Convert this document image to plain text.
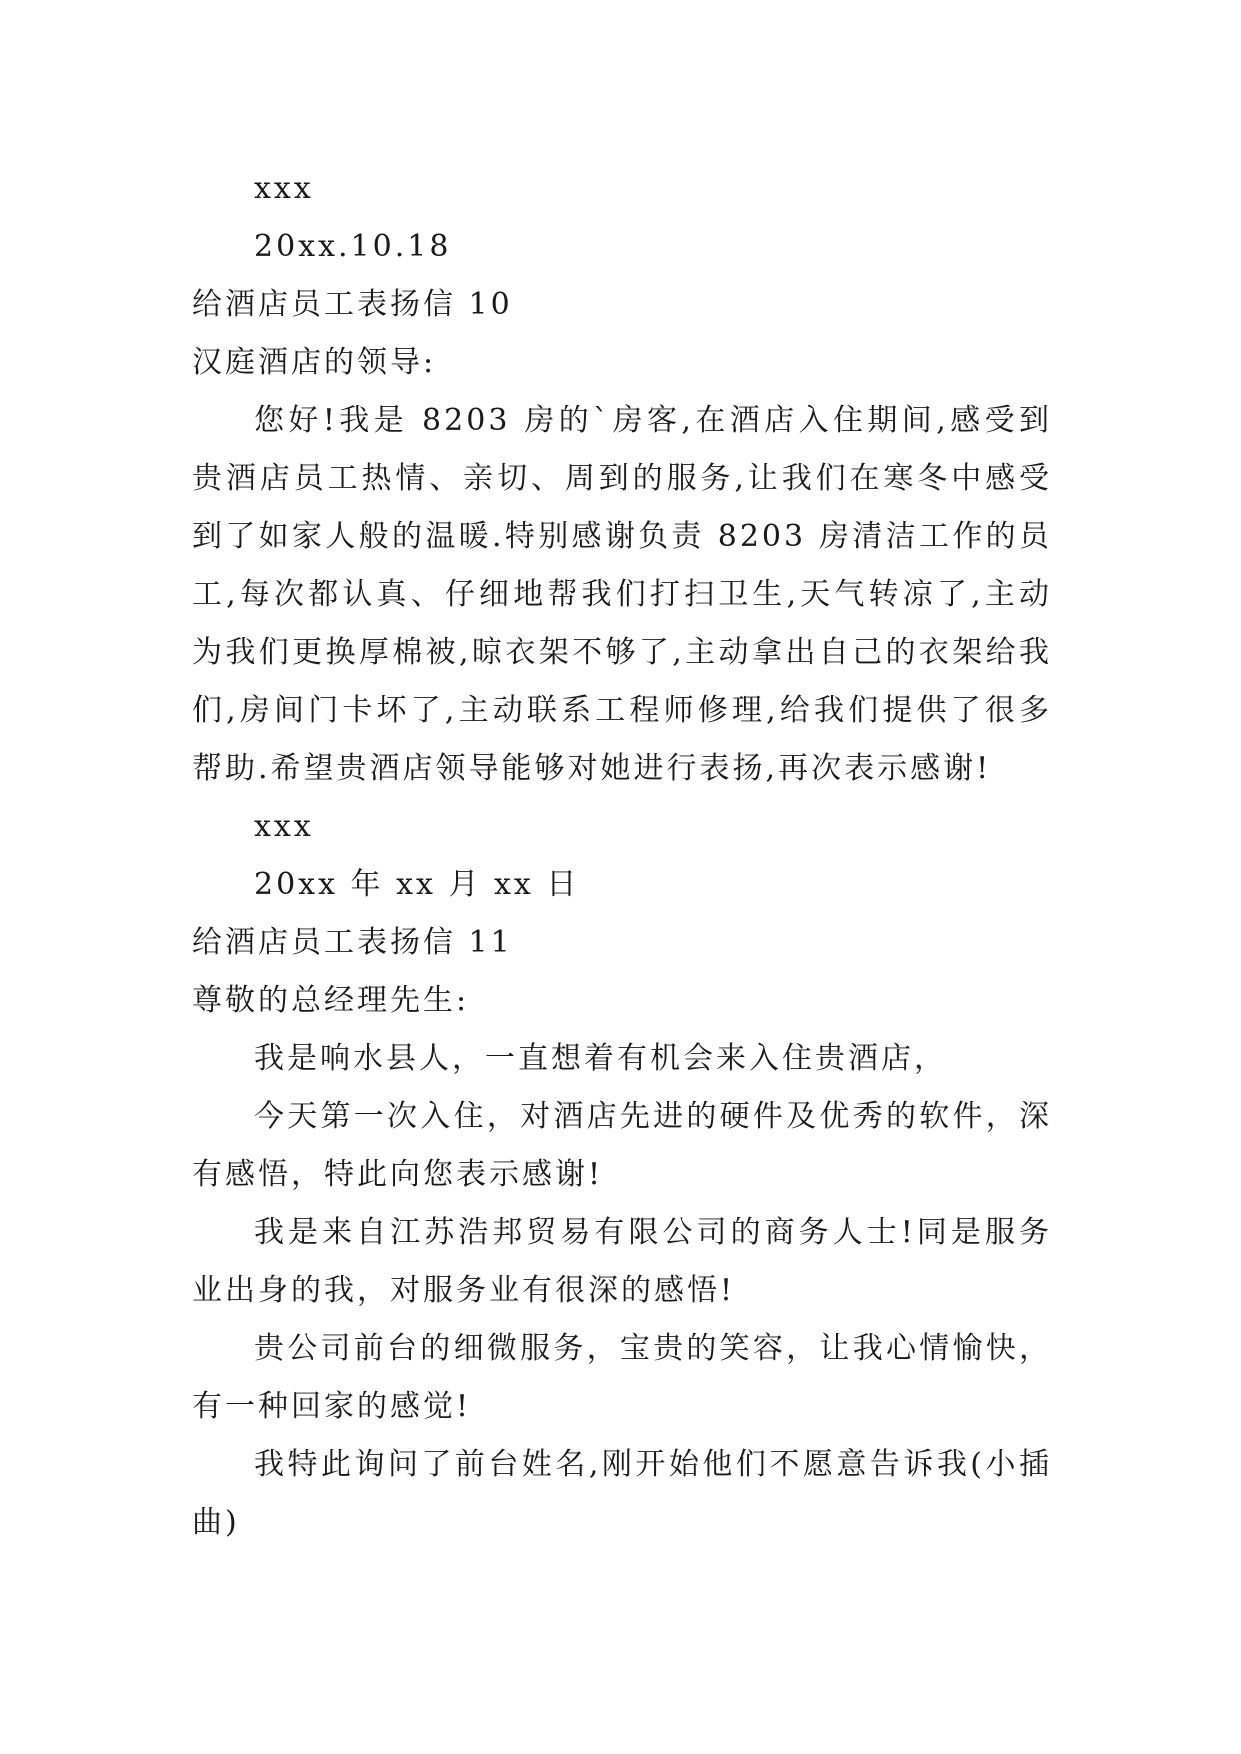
xxx
20xx.10.18
给酒店员工表扬信 10
汉庭酒店的领导:

您好!我是 8203 房的`房客,在酒店入住期间,感受到贵酒店员工热情、亲切、周到的服务,让我们在寒冬中感受到了如家人般的温暖.特别感谢负责 8203 房清洁工作的员工,每次都认真、仔细地帮我们打扫卫生,天气转凉了,主动为我们更换厚棉被,晾衣架不够了,主动拿出自己的衣架给我们,房间门卡坏了,主动联系工程师修理,给我们提供了很多帮助.希望贵酒店领导能够对她进行表扬,再次表示感谢!

xxx
20xx 年 xx 月 xx 日
给酒店员工表扬信 11
尊敬的总经理先生:

我是响水县人，一直想着有机会来入住贵酒店，

今天第一次入住，对酒店先进的硬件及优秀的软件，深有感悟，特此向您表示感谢!

我是来自江苏浩邦贸易有限公司的商务人士!同是服务业出身的我，对服务业有很深的感悟!

贵公司前台的细微服务，宝贵的笑容，让我心情愉快，有一种回家的感觉!

我特此询问了前台姓名,刚开始他们不愿意告诉我(小插曲)
